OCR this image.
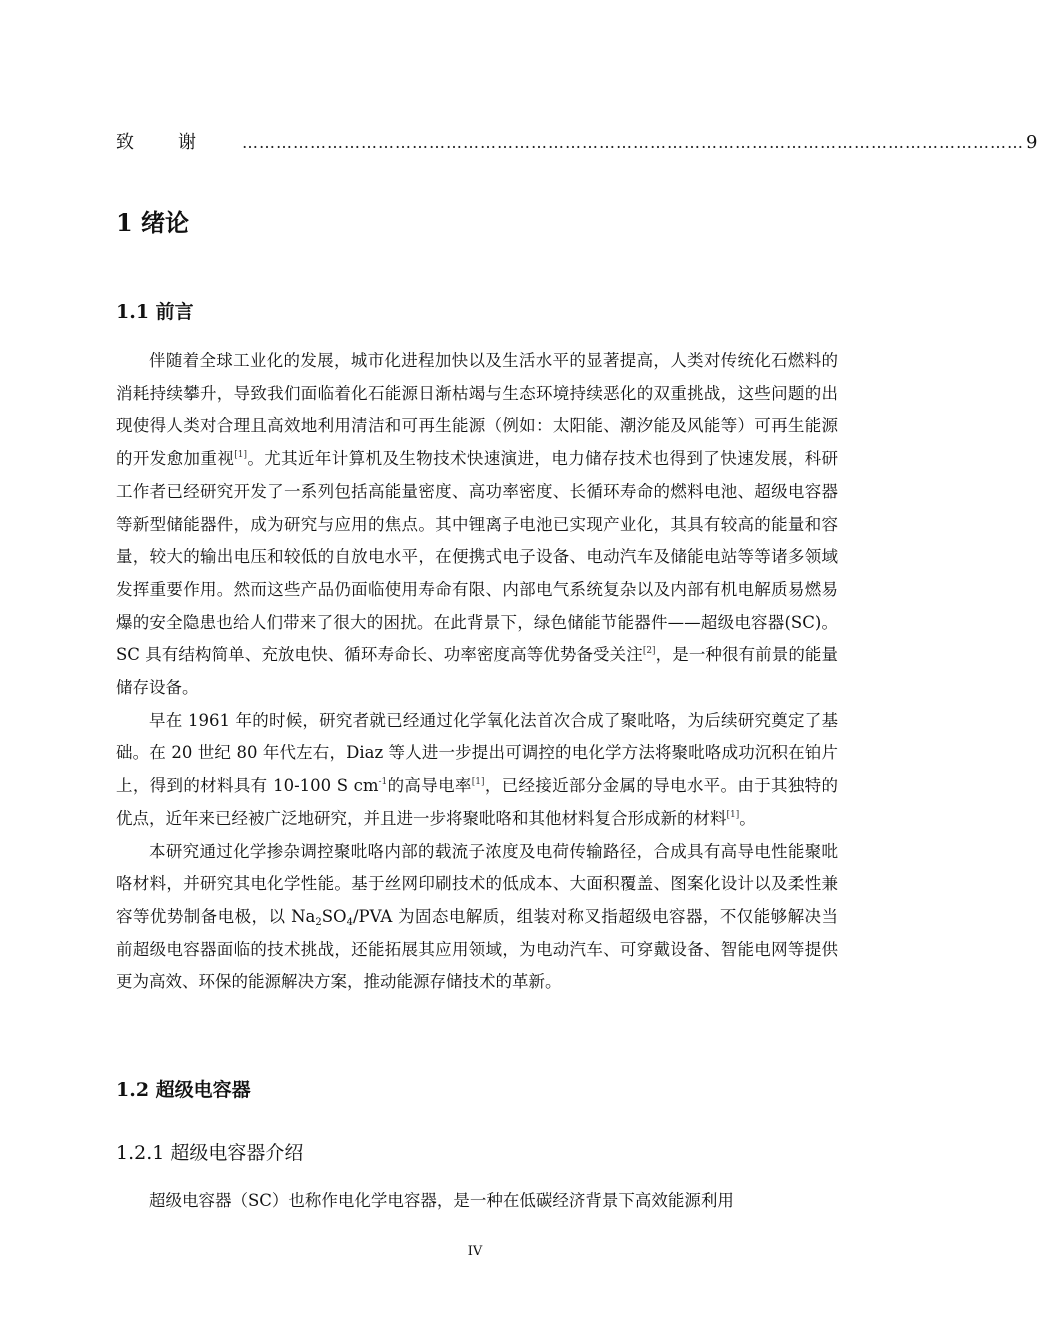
致谢 ………………………………………………………………………………………………………………………… 9
1 绪论
1.1 前言

伴随着全球工业化的发展，城市化进程加快以及生活水平的显著提高，人类对传统化石燃料的消耗持续攀升，导致我们面临着化石能源日渐枯竭与生态环境持续恶化的双重挑战，这些问题的出现使得人类对合理且高效地利用清洁和可再生能源（例如：太阳能、潮汐能及风能等）可再生能源的开发愈加重视[1]。尤其近年计算机及生物技术快速演进，电力储存技术也得到了快速发展，科研工作者已经研究开发了一系列包括高能量密度、高功率密度、长循环寿命的燃料电池、超级电容器等新型储能器件，成为研究与应用的焦点。其中锂离子电池已实现产业化，其具有较高的能量和容量，较大的输出电压和较低的自放电水平，在便携式电子设备、电动汽车及储能电站等等诸多领域发挥重要作用。然而这些产品仍面临使用寿命有限、内部电气系统复杂以及内部有机电解质易燃易爆的安全隐患也给人们带来了很大的困扰。在此背景下，绿色储能节能器件——超级电容器(SC)。SC 具有结构简单、充放电快、循环寿命长、功率密度高等优势备受关注[2]，是一种很有前景的能量储存设备。

早在 1961 年的时候，研究者就已经通过化学氧化法首次合成了聚吡咯，为后续研究奠定了基础。在 20 世纪 80 年代左右，Diaz 等人进一步提出可调控的电化学方法将聚吡咯成功沉积在铂片上，得到的材料具有 10-100 S $cm^{-1}$的高导电率[1]，已经接近部分金属的导电水平。由于其独特的优点，近年来已经被广泛地研究，并且进一步将聚吡咯和其他材料复合形成新的材料[1]。

本研究通过化学掺杂调控聚吡咯内部的载流子浓度及电荷传输路径，合成具有高导电性能聚吡咯材料，并研究其电化学性能。基于丝网印刷技术的低成本、大面积覆盖、图案化设计以及柔性兼容等优势制备电极，以 $Na_2SO_4$/PVA 为固态电解质，组装对称叉指超级电容器，不仅能够解决当前超级电容器面临的技术挑战，还能拓展其应用领域，为电动汽车、可穿戴设备、智能电网等提供更为高效、环保的能源解决方案，推动能源存储技术的革新。

1.2 超级电容器
1.2.1 超级电容器介绍

超级电容器（SC）也称作电化学电容器，是一种在低碳经济背景下高效能源利用

IV
